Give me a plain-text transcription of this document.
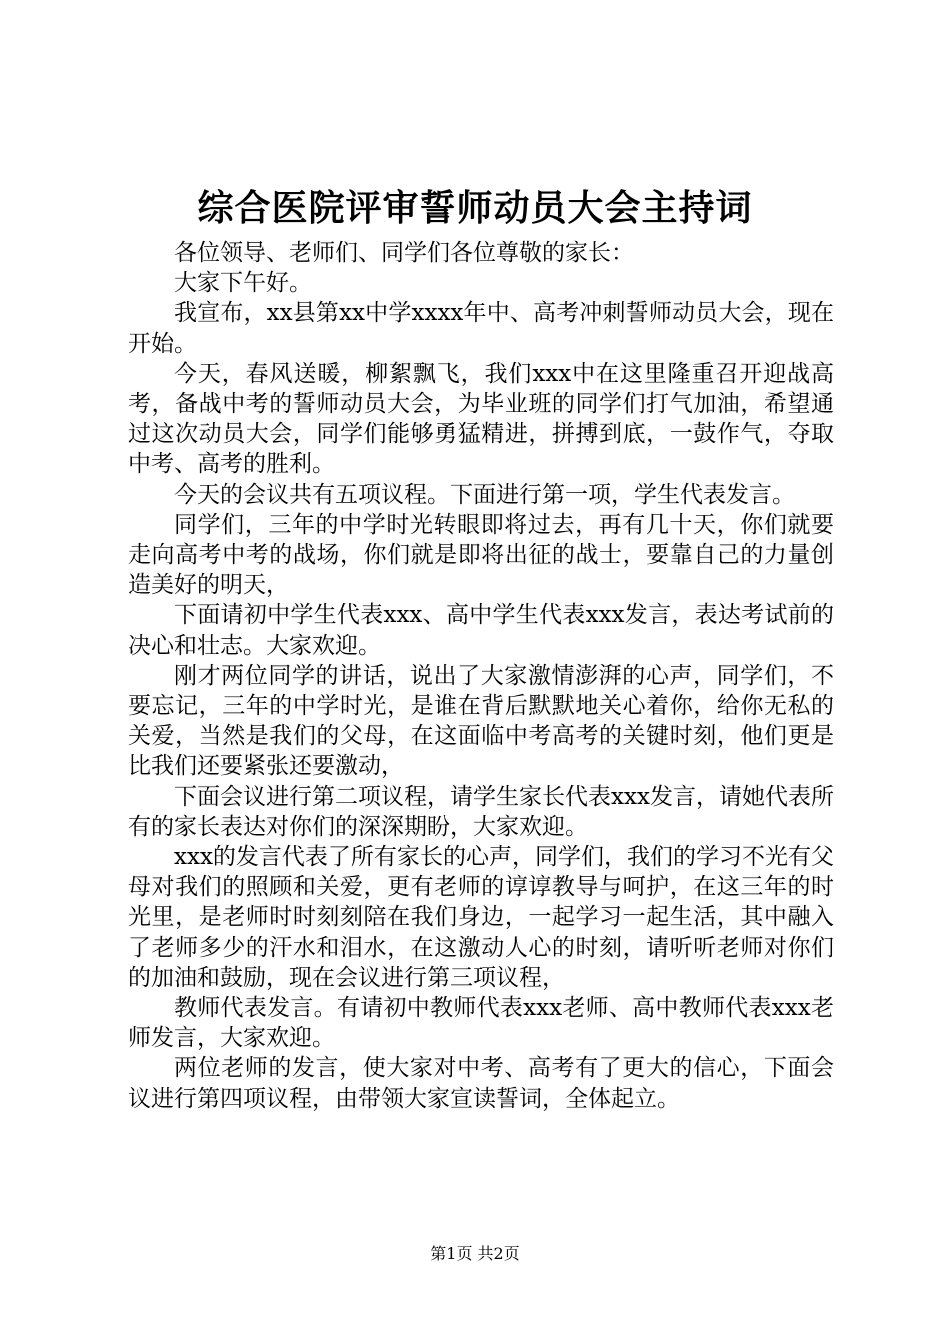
综合医院评审誓师动员大会主持词

各位领导、老师们、同学们各位尊敬的家长：

大家下午好。

我宣布，xx县第xx中学xxxx年中、高考冲刺誓师动员大会，现在开始。

今天，春风送暖，柳絮飘飞，我们xxx中在这里隆重召开迎战高考，备战中考的誓师动员大会，为毕业班的同学们打气加油，希望通过这次动员大会，同学们能够勇猛精进，拼搏到底，一鼓作气，夺取中考、高考的胜利。

今天的会议共有五项议程。下面进行第一项，学生代表发言。

同学们，三年的中学时光转眼即将过去，再有几十天，你们就要走向高考中考的战场，你们就是即将出征的战士，要靠自己的力量创造美好的明天，

下面请初中学生代表xxx、高中学生代表xxx发言，表达考试前的决心和壮志。大家欢迎。

刚才两位同学的讲话，说出了大家激情澎湃的心声，同学们，不要忘记，三年的中学时光，是谁在背后默默地关心着你，给你无私的关爱，当然是我们的父母，在这面临中考高考的关键时刻，他们更是比我们还要紧张还要激动，

下面会议进行第二项议程，请学生家长代表xxx发言，请她代表所有的家长表达对你们的深深期盼，大家欢迎。

xxx的发言代表了所有家长的心声，同学们，我们的学习不光有父母对我们的照顾和关爱，更有老师的谆谆教导与呵护，在这三年的时光里，是老师时时刻刻陪在我们身边，一起学习一起生活，其中融入了老师多少的汗水和泪水，在这激动人心的时刻，请听听老师对你们的加油和鼓励，现在会议进行第三项议程，

教师代表发言。有请初中教师代表xxx老师、高中教师代表xxx老师发言，大家欢迎。

两位老师的发言，使大家对中考、高考有了更大的信心，下面会议进行第四项议程，由带领大家宣读誓词，全体起立。

第1页 共2页
